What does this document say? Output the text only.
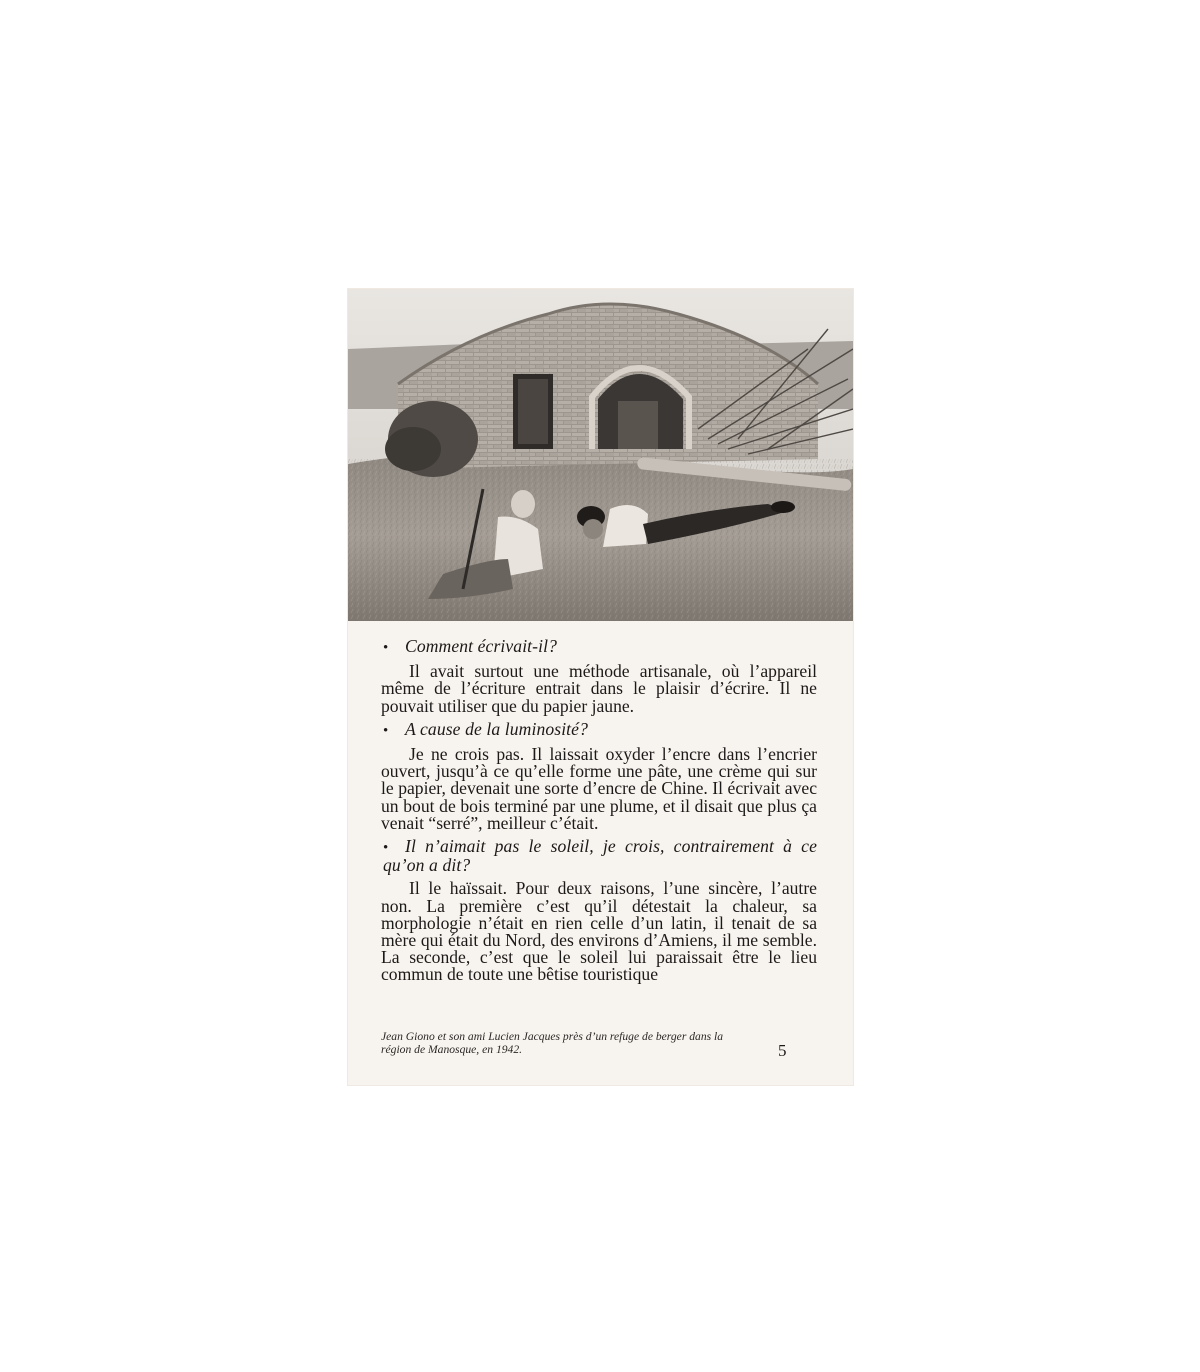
• Comment écrivait-il?

Il avait surtout une méthode artisanale, où l’appareil même de l’écriture entrait dans le plaisir d’écrire. Il ne pouvait utiliser que du papier jaune.

• A cause de la luminosité?

Je ne crois pas. Il laissait oxyder l’encre dans l’encrier ouvert, jusqu’à ce qu’elle forme une pâte, une crème qui sur le papier, devenait une sorte d’encre de Chine. Il écrivait avec un bout de bois terminé par une plume, et il disait que plus ça venait “serré”, meilleur c’était.

• Il n’aimait pas le soleil, je crois, contrairement à ce qu’on a dit?

Il le haïssait. Pour deux raisons, l’une sincère, l’autre non. La première c’est qu’il détestait la chaleur, sa morphologie n’était en rien celle d’un latin, il tenait de sa mère qui était du Nord, des environs d’Amiens, il me semble. La seconde, c’est que le soleil lui paraissait être le lieu commun de toute une bêtise touristique

Jean Giono et son ami Lucien Jacques près d’un refuge de berger dans la région de Manosque, en 1942.	5
